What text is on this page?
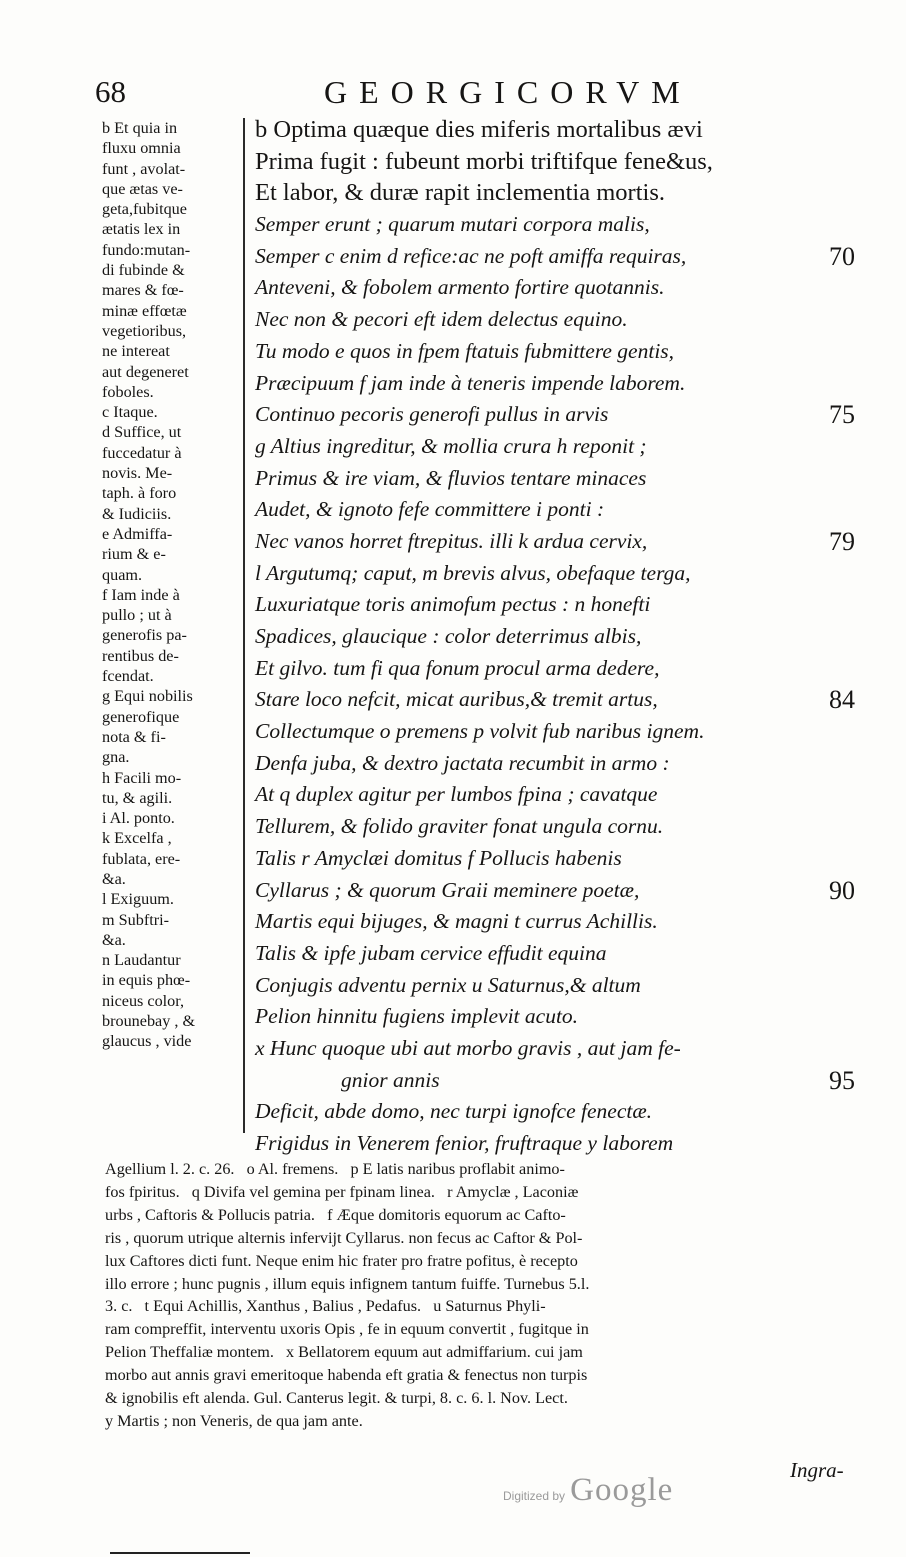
68	GEORGICORVM
b Et quia in
fluxu omnia
funt , avolat-
que ætas ve-
geta,fubitque
ætatis lex in
fundo:mutan-
di fubinde &
mares & fœ-
minæ effœtæ
vegetioribus,
ne intereat
aut degeneret
foboles.
c Itaque.
d Suffice, ut
fuccedatur à
novis. Me-
taph. à foro
& Iudiciis.
e Admiffa-
rium & e-
quam.
f Iam inde à
pullo ; ut à
generofis pa-
rentibus de-
fcendat.
g Equi nobilis
generofique
nota & fi-
gna.
h Facili mo-
tu, & agili.
i Al. ponto.
k Excelfa ,
fublata, ere-
&a.
l Exiguum.
m Subftri-
&a.
n Laudantur
in equis phœ-
niceus color,
brounebay , &
glaucus , vide
b Optima quæque dies miferis mortalibus ævi
Prima fugit : fubeunt morbi triftifque fene&us,
Et labor, & duræ rapit inclementia mortis.
Semper erunt ; quarum mutari corpora malis,
Semper c enim d refice:ac ne poft amiffa requiras,	70
Anteveni, & fobolem armento fortire quotannis.
Nec non & pecori eft idem delectus equino.
Tu modo e quos in fpem ftatuis fubmittere gentis,
Præcipuum f jam inde à teneris impende laborem.
Continuo pecoris generofi pullus in arvis	75
g Altius ingreditur, & mollia crura h reponit ;
Primus & ire viam, & fluvios tentare minaces
Audet, & ignoto fefe committere i ponti :
Nec vanos horret ftrepitus. illi k ardua cervix,	79
l Argutumq; caput, m brevis alvus, obefaque terga,
Luxuriatque toris animofum pectus : n honefti
Spadices, glaucique : color deterrimus albis,
Et gilvo. tum fi qua fonum procul arma dedere,
Stare loco nefcit, micat auribus,& tremit artus,	84
Collectumque o premens p volvit fub naribus ignem.
Denfa juba, & dextro jactata recumbit in armo :
At q duplex agitur per lumbos fpina ; cavatque
Tellurem, & folido graviter fonat ungula cornu.
Talis r Amyclæi domitus f Pollucis habenis
Cyllarus ; & quorum Graii meminere poetæ,	90
Martis equi bijuges, & magni t currus Achillis.
Talis & ipfe jubam cervice effudit equina
Conjugis adventu pernix u Saturnus,& altum
Pelion hinnitu fugiens implevit acuto.
x Hunc quoque ubi aut morbo gravis , aut jam fe-
gnior annis	95
Deficit, abde domo, nec turpi ignofce fenectæ.
Frigidus in Venerem fenior, fruftraque y laborem
Agellium l. 2. c. 26.   o Al. fremens.   p E latis naribus proflabit animo-
fos fpiritus.   q Divifa vel gemina per fpinam linea.   r Amyclæ , Laconiæ
urbs , Caftoris & Pollucis patria.   f Æque domitoris equorum ac Cafto-
ris , quorum utrique alternis infervijt Cyllarus. non fecus ac Caftor & Pol-
lux Caftores dicti funt. Neque enim hic frater pro fratre pofitus, è recepto
illo errore ; hunc pugnis , illum equis infignem tantum fuiffe. Turnebus 5.l.
3. c.   t Equi Achillis, Xanthus , Balius , Pedafus.   u Saturnus Phyli-
ram compreffit, interventu uxoris Opis , fe in equum convertit , fugitque in
Pelion Theffaliæ montem.   x Bellatorem equum aut admiffarium. cui jam
morbo aut annis gravi emeritoque habenda eft gratia & fenectus non turpis
& ignobilis eft alenda. Gul. Canterus legit. & turpi, 8. c. 6. l. Nov. Lect.
y Martis ; non Veneris, de qua jam ante.
Ingra-
Digitized by Google
